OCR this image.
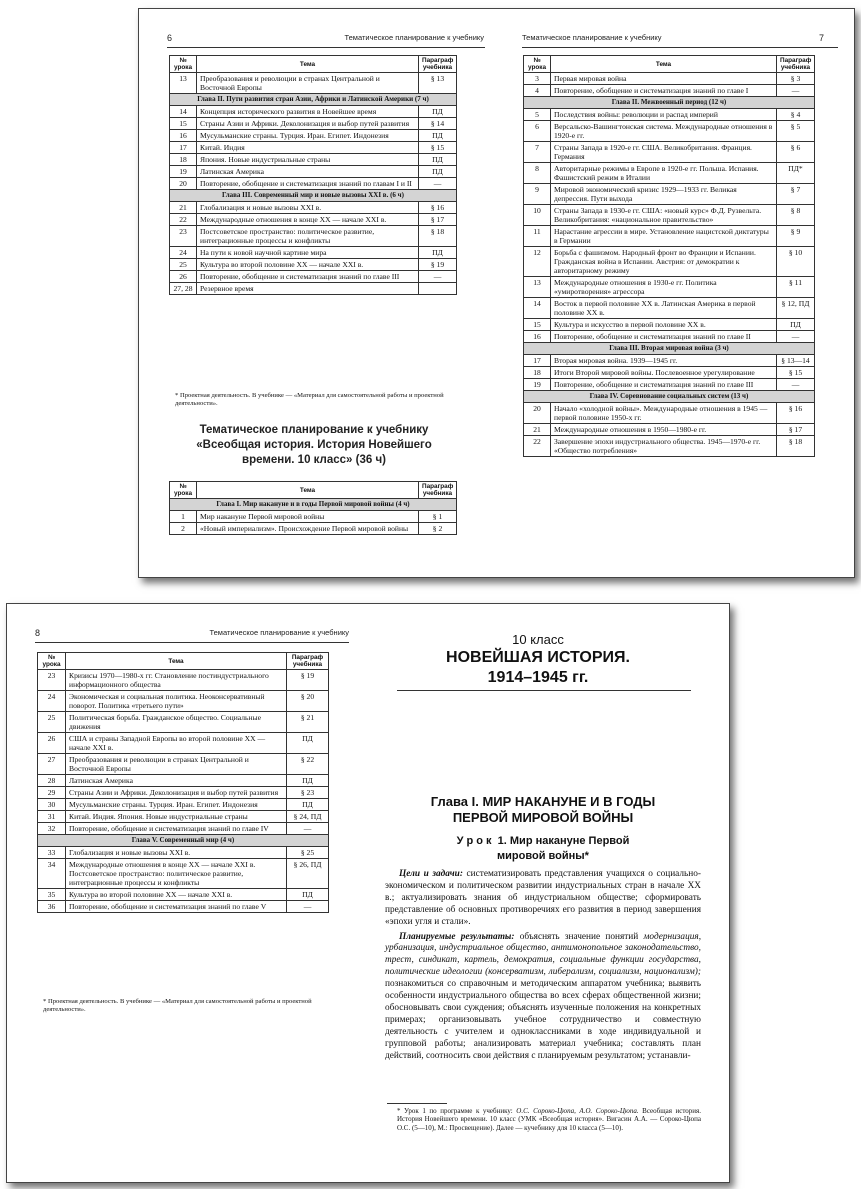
6	Тематическое планирование к учебнику
№ урока	Тема	Параграф учебника
13	Преобразования и революции в странах Центральной и Восточной Европы	§ 13
Глава II. Пути развития стран Азии, Африки и Латинской Америки (7 ч)		
14	Концепция исторического развития в Новейшее время	ПД
15	Страны Азии и Африки. Деколонизация и выбор путей развития	§ 14
16	Мусульманские страны. Турция. Иран. Египет. Индонезия	ПД
17	Китай. Индия	§ 15
18	Япония. Новые индустриальные страны	ПД
19	Латинская Америка	ПД
20	Повторение, обобщение и систематизация знаний по главам I и II	—
Глава III. Современный мир и новые вызовы XXI в. (6 ч)		
21	Глобализация и новые вызовы XXI в.	§ 16
22	Международные отношения в конце XX — начале XXI в.	§ 17
23	Постсоветское пространство: политическое развитие, интеграционные процессы и конфликты	§ 18
24	На пути к новой научной картине мира	ПД
25	Культура во второй половине XX — начале XXI в.	§ 19
26	Повторение, обобщение и систематизация знаний по главе III	—
27, 28	Резервное время	
* Проектная деятельность. В учебнике — «Материал для самостоятельной работы и проектной деятельности».
Тематическое планирование к учебнику «Всеобщая история. История Новейшего времени. 10 класс» (36 ч)
№ урока	Тема	Параграф учебника
Глава I. Мир накануне и в годы Первой мировой войны (4 ч)		
1	Мир накануне Первой мировой войны	§ 1
2	«Новый империализм». Происхождение Первой мировой войны	§ 2
Тематическое планирование к учебнику	7
№ урока	Тема	Параграф учебника
3	Первая мировая война	§ 3
4	Повторение, обобщение и систематизация знаний по главе I	—
Глава II. Межвоенный период (12 ч)		
5	Последствия войны: революции и распад империй	§ 4
6	Версальско-Вашингтонская система. Международные отношения в 1920-е гг.	§ 5
7	Страны Запада в 1920-е гг. США. Великобритания. Франция. Германия	§ 6
8	Авторитарные режимы в Европе в 1920-е гг. Польша. Испания. Фашистский режим в Италии	ПД*
9	Мировой экономический кризис 1929—1933 гг. Великая депрессия. Пути выхода	§ 7
10	Страны Запада в 1930-е гг. США: «новый курс» Ф.Д. Рузвельта. Великобритания: «национальное правительство»	§ 8
11	Нарастание агрессии в мире. Установление нацистской диктатуры в Германии	§ 9
12	Борьба с фашизмом. Народный фронт во Франции и Испании. Гражданская война в Испании. Австрия: от демократии к авторитарному режиму	§ 10
13	Международные отношения в 1930-е гг. Политика «умиротворения» агрессора	§ 11
14	Восток в первой половине XX в. Латинская Америка в первой половине XX в.	§ 12, ПД
15	Культура и искусство в первой половине XX в.	ПД
16	Повторение, обобщение и систематизация знаний по главе II	—
Глава III. Вторая мировая война (3 ч)		
17	Вторая мировая война. 1939—1945 гг.	§ 13—14
18	Итоги Второй мировой войны. Послевоенное урегулирование	§ 15
19	Повторение, обобщение и систематизация знаний по главе III	—
Глава IV. Соревнование социальных систем (13 ч)		
20	Начало «холодной войны». Международные отношения в 1945 — первой половине 1950-х гг.	§ 16
21	Международные отношения в 1950—1980-е гг.	§ 17
22	Завершение эпохи индустриального общества. 1945—1970-е гг. «Общество потребления»	§ 18
8	Тематическое планирование к учебнику
№ урока	Тема	Параграф учебника
23	Кризисы 1970—1980-х гг. Становление постиндустриального информационного общества	§ 19
24	Экономическая и социальная политика. Неоконсервативный поворот. Политика «третьего пути»	§ 20
25	Политическая борьба. Гражданское общество. Социальные движения	§ 21
26	США и страны Западной Европы во второй половине XX — начале XXI в.	ПД
27	Преобразования и революции в странах Центральной и Восточной Европы	§ 22
28	Латинская Америка	ПД
29	Страны Азии и Африки. Деколонизация и выбор путей развития	§ 23
30	Мусульманские страны. Турция. Иран. Египет. Индонезия	ПД
31	Китай. Индия. Япония. Новые индустриальные страны	§ 24, ПД
32	Повторение, обобщение и систематизация знаний по главе IV	—
Глава V. Современный мир (4 ч)		
33	Глобализация и новые вызовы XXI в.	§ 25
34	Международные отношения в конце XX — начале XXI в. Постсоветское пространство: политическое развитие, интеграционные процессы и конфликты	§ 26, ПД
35	Культура во второй половине XX — начале XXI в.	ПД
36	Повторение, обобщение и систематизация знаний по главе V	—
* Проектная деятельность. В учебнике — «Материал для самостоятельной работы и проектной деятельности».
10 класс
НОВЕЙШАЯ ИСТОРИЯ.
1914–1945 гг.
Глава I. МИР НАКАНУНЕ И В ГОДЫ
ПЕРВОЙ МИРОВОЙ ВОЙНЫ
У р о к  1. Мир накануне Первой
мировой войны*

Цели и задачи: систематизировать представления учащихся о социально-экономическом и политическом развитии индустриальных стран в начале XX в.; актуализировать знания об индустриальном обществе; сформировать представление об основных противоречиях его развития в период завершения «эпохи угля и стали».

Планируемые результаты: объяснять значение понятий модернизация, урбанизация, индустриальное общество, антимонопольное законодательство, трест, синдикат, картель, демократия, социальные функции государства, политические идеологии (консерватизм, либерализм, социализм, национализм); познакомиться со справочным и методическим аппаратом учебника; выявить особенности индустриального общества во всех сферах общественной жизни; обосновывать свои суждения; объяснять изученные положения на конкретных примерах; организовывать учебное сотрудничество и совместную деятельность с учителем и одноклассниками в ходе индивидуальной и групповой работы; анализировать материал учебника; составлять план действий, соотносить свои действия с планируемым результатом; устанавли-

* Урок 1 по программе к учебнику: О.С. Сороко-Цюпа, А.О. Сороко-Цюпа. Всеобщая история. История Новейшего времени. 10 класс (УМК «Всеобщая история». Вигасин А.А. — Сороко-Цюпа О.С. (5—10), М.: Просвещение). Далее — кучебнику для 10 класса (5—10).
